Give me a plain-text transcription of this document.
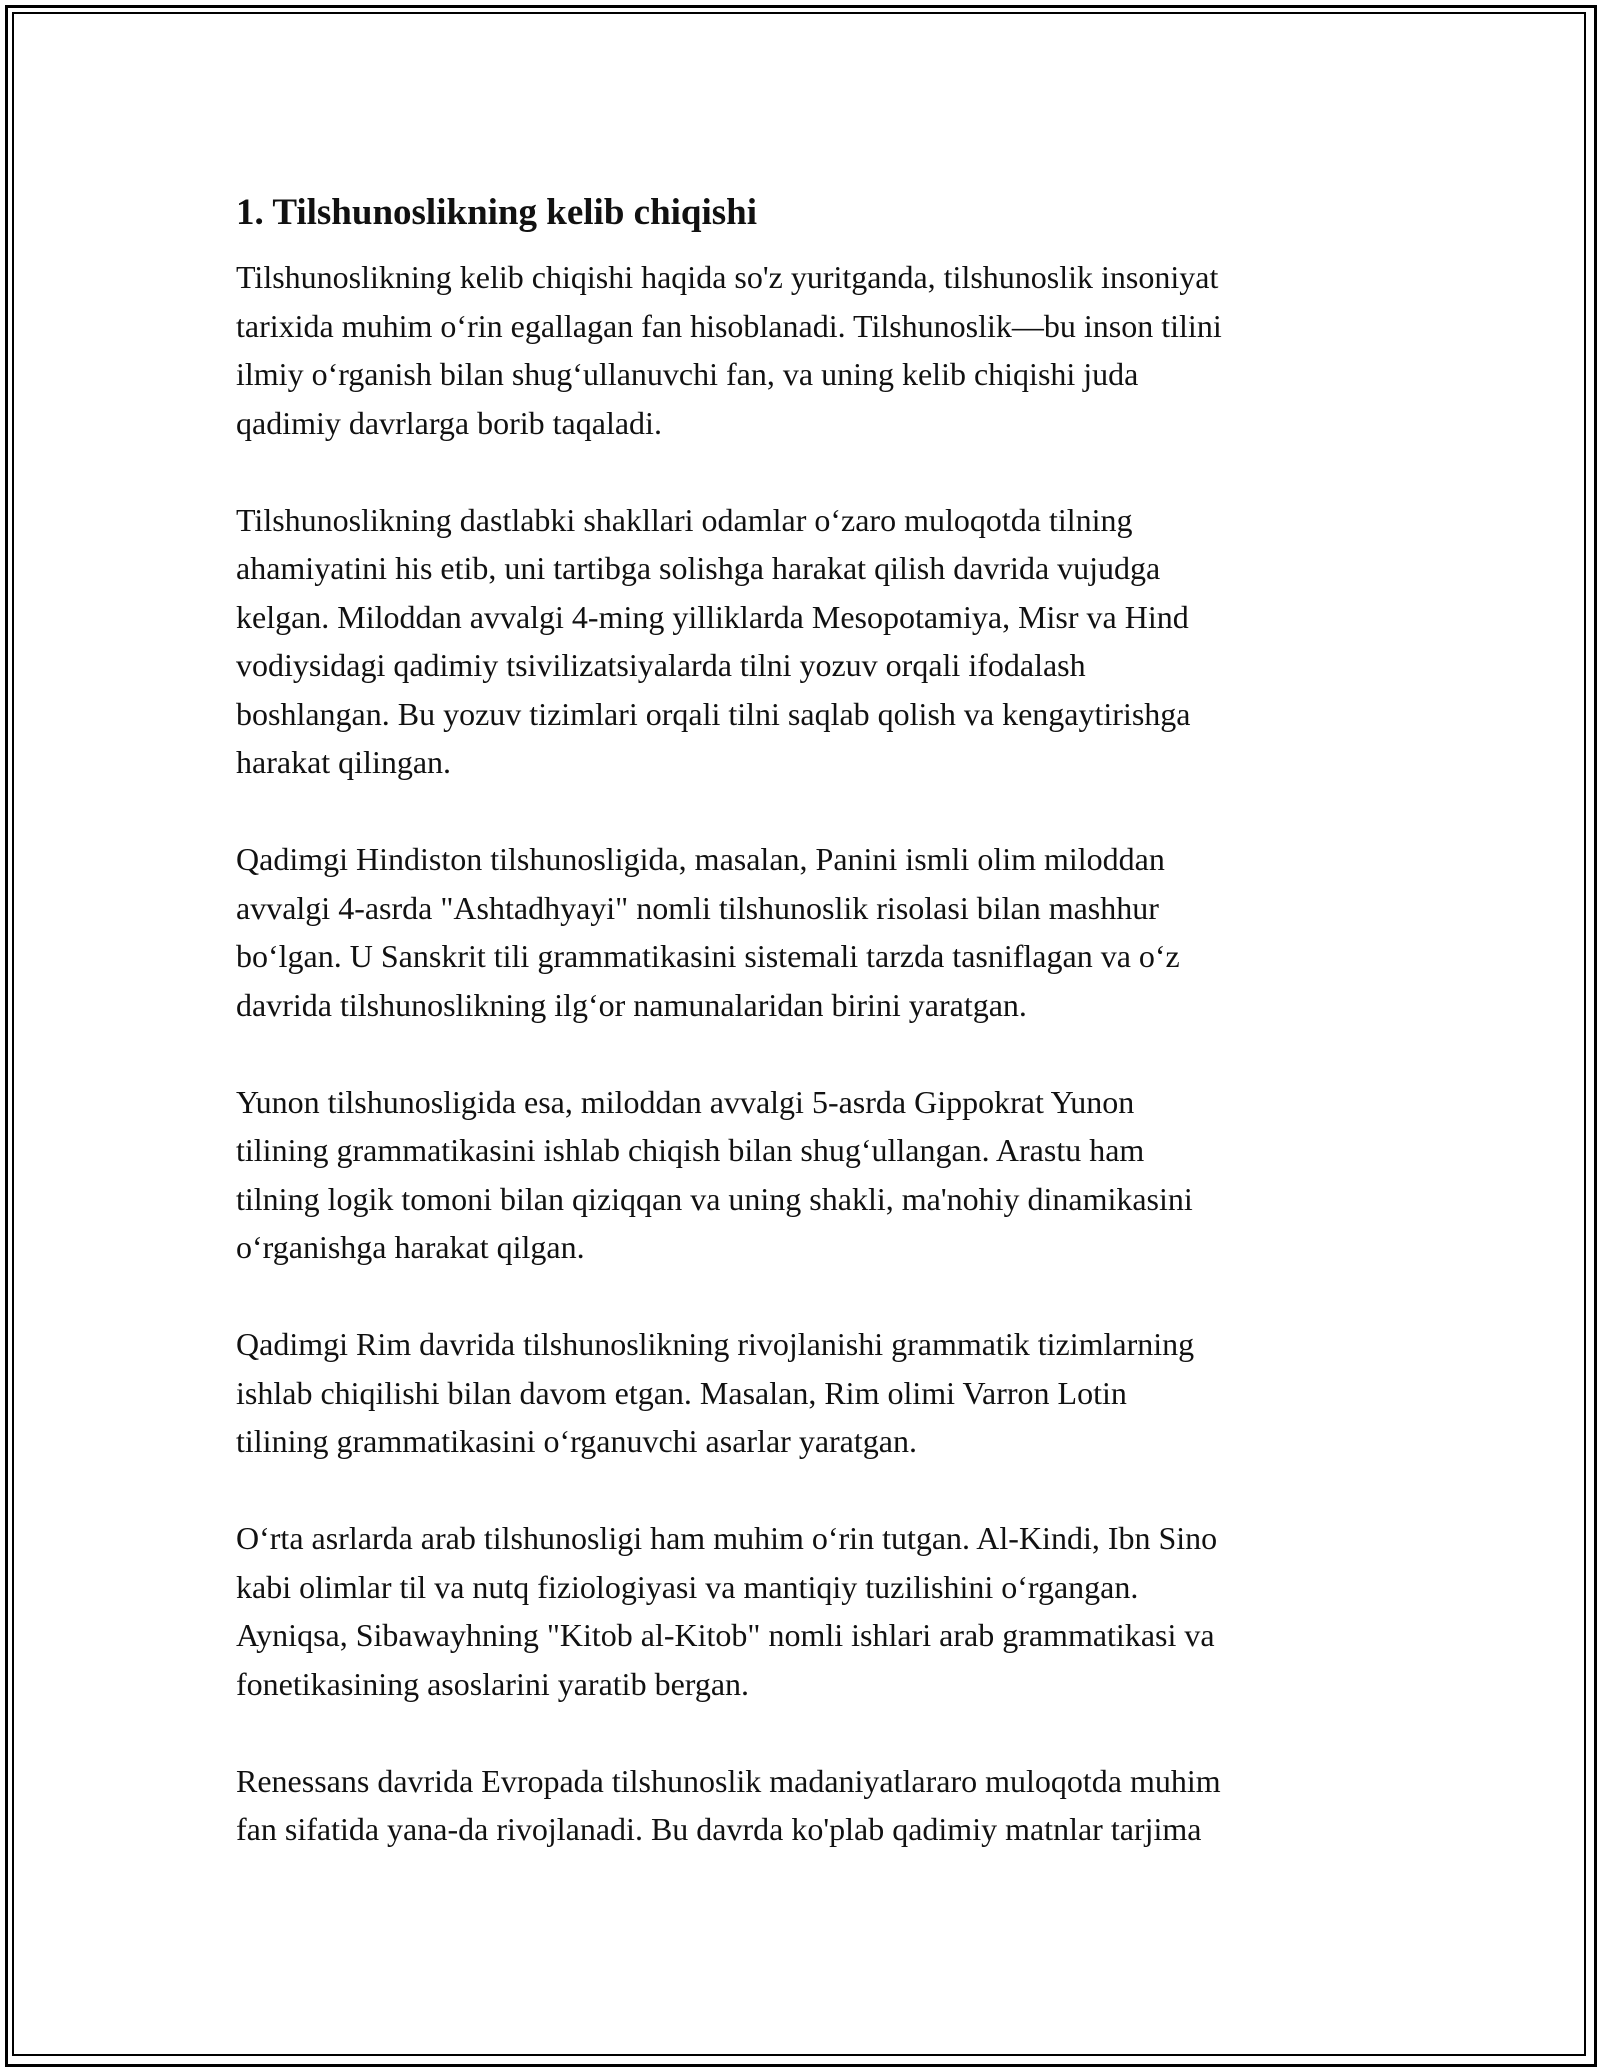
1. Tilshunoslikning kelib chiqishi
Tilshunoslikning kelib chiqishi haqida so'z yuritganda, tilshunoslik insoniyat
tarixida muhim oʻrin egallagan fan hisoblanadi. Tilshunoslik—bu inson tilini
ilmiy oʻrganish bilan shugʻullanuvchi fan, va uning kelib chiqishi juda
qadimiy davrlarga borib taqaladi.
Tilshunoslikning dastlabki shakllari odamlar oʻzaro muloqotda tilning
ahamiyatini his etib, uni tartibga solishga harakat qilish davrida vujudga
kelgan. Miloddan avvalgi 4-ming yilliklarda Mesopotamiya, Misr va Hind
vodiysidagi qadimiy tsivilizatsiyalarda tilni yozuv orqali ifodalash
boshlangan. Bu yozuv tizimlari orqali tilni saqlab qolish va kengaytirishga
harakat qilingan.
Qadimgi Hindiston tilshunosligida, masalan, Panini ismli olim miloddan
avvalgi 4-asrda "Ashtadhyayi" nomli tilshunoslik risolasi bilan mashhur
boʻlgan. U Sanskrit tili grammatikasini sistemali tarzda tasniflagan va oʻz
davrida tilshunoslikning ilgʻor namunalaridan birini yaratgan.
Yunon tilshunosligida esa, miloddan avvalgi 5-asrda Gippokrat Yunon
tilining grammatikasini ishlab chiqish bilan shugʻullangan. Arastu ham
tilning logik tomoni bilan qiziqqan va uning shakli, ma'nohiy dinamikasini
oʻrganishga harakat qilgan.
Qadimgi Rim davrida tilshunoslikning rivojlanishi grammatik tizimlarning
ishlab chiqilishi bilan davom etgan. Masalan, Rim olimi Varron Lotin
tilining grammatikasini oʻrganuvchi asarlar yaratgan.
Oʻrta asrlarda arab tilshunosligi ham muhim oʻrin tutgan. Al-Kindi, Ibn Sino
kabi olimlar til va nutq fiziologiyasi va mantiqiy tuzilishini oʻrgangan.
Ayniqsa, Sibawayhning "Kitob al-Kitob" nomli ishlari arab grammatikasi va
fonetikasining asoslarini yaratib bergan.
Renessans davrida Evropada tilshunoslik madaniyatlararo muloqotda muhim
fan sifatida yana-da rivojlanadi. Bu davrda ko'plab qadimiy matnlar tarjima
